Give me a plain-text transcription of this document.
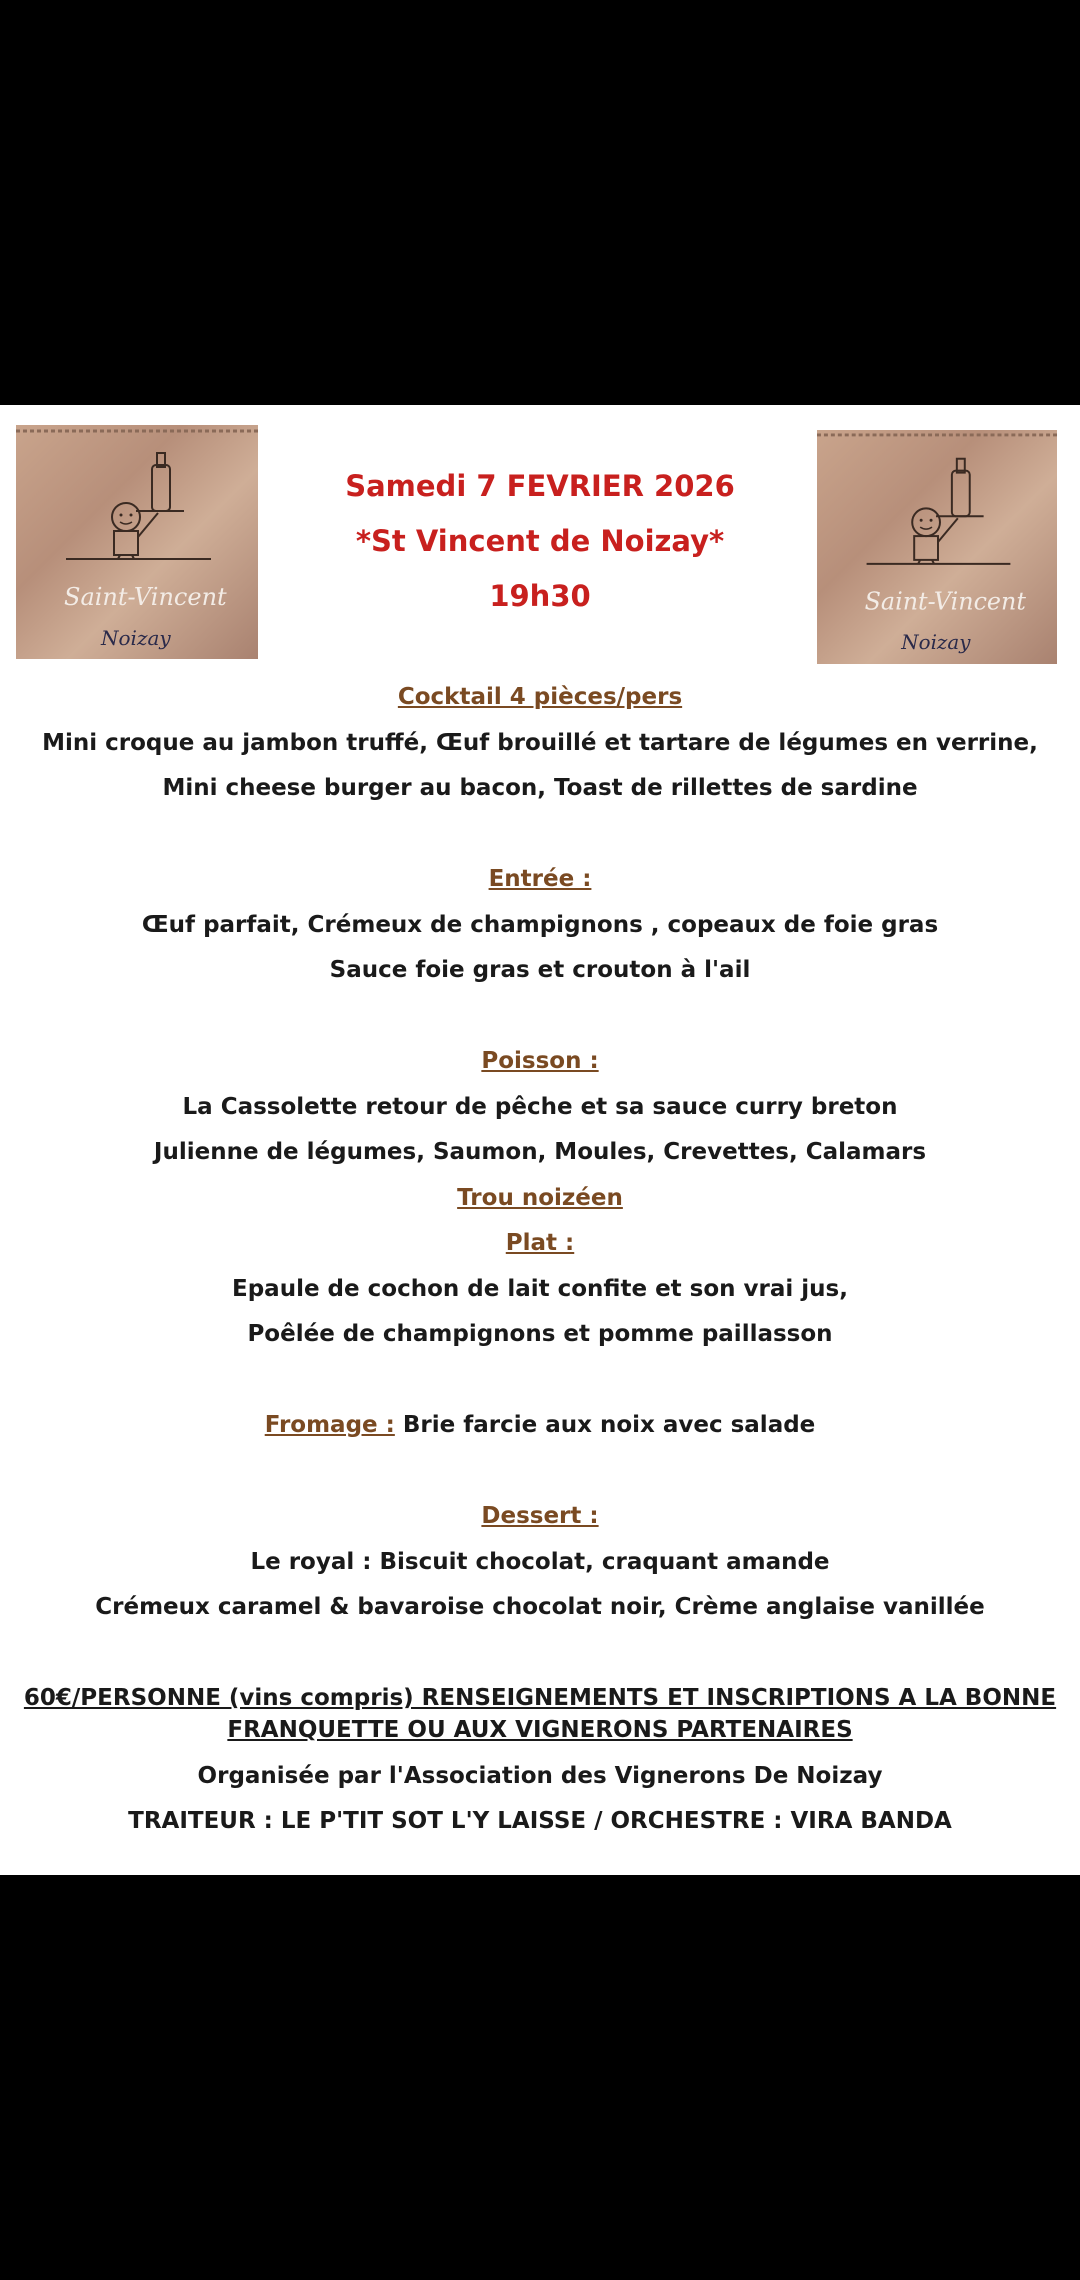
Saint-Vincent
Noizay
Saint-Vincent
Noizay
Samedi 7 FEVRIER 2026
*St Vincent de Noizay*
19h30
Cocktail 4 pièces/pers
Mini croque au jambon truffé, Œuf brouillé et tartare de légumes en verrine,
Mini cheese burger au bacon, Toast de rillettes de sardine
Entrée :
Œuf parfait, Crémeux de champignons , copeaux de foie gras
Sauce foie gras et crouton à l'ail
Poisson :
La Cassolette retour de pêche et sa sauce curry breton
Julienne de légumes, Saumon, Moules, Crevettes, Calamars
Trou noizéen
Plat :
Epaule de cochon de lait confite et son vrai jus,
Poêlée de champignons et pomme paillasson
Fromage : Brie farcie aux noix avec salade
Dessert :
Le royal : Biscuit chocolat, craquant amande
Crémeux caramel & bavaroise chocolat noir, Crème anglaise vanillée
60€/PERSONNE (vins compris) RENSEIGNEMENTS ET INSCRIPTIONS A LA BONNE
FRANQUETTE OU AUX VIGNERONS PARTENAIRES
Organisée par l'Association des Vignerons De Noizay
TRAITEUR : LE P'TIT SOT L'Y LAISSE / ORCHESTRE : VIRA BANDA
